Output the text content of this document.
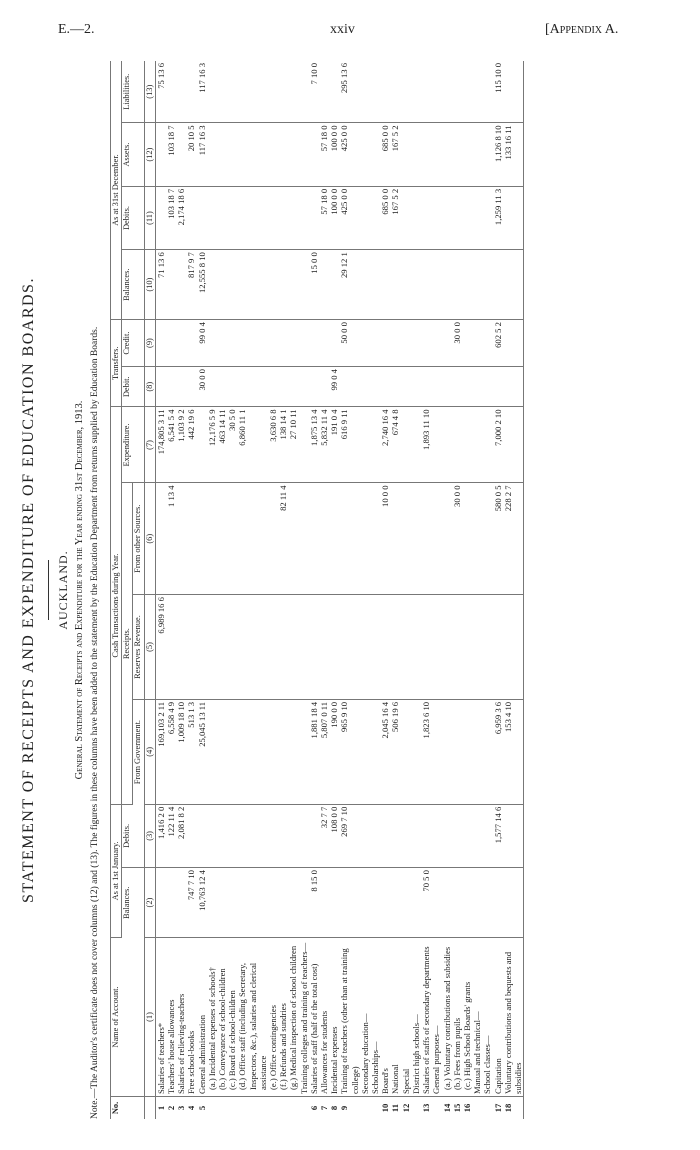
E.—2.	xxiv	[Appendix A.
STATEMENT OF RECEIPTS AND EXPENDITURE OF EDUCATION BOARDS. AUCKLAND. General Statement of Receipts and Expenditure for the Year ending 31st December, 1913. Note.—The Auditor's certificate does not cover columns (12) and (13). The figures in these columns have been added to the statement by the Education Department from returns supplied by Education Boards. No.	Name of Account.	As at 1st January.		Cash Transactions during Year.				Transfers.		As at 31st December.			
		Balances.	Debits.	Receipts.			Expenditure.	Debit.	Credit.	Balances.	Debits.	Assets.	Liabilities.
				From Government.	Reserves Revenue.	From other Sources.							
	(1)	(2)	(3)	(4)	(5)	(6)	(7)	(8)	(9)	(10)	(11)	(12)	(13)
1	Salaries of teachers*		1,416 2 0	169,103 2 11	6,989 16 6		174,805 3 11			71 13 6			75 13 6
2	Teachers' house allowances		122 11 4	6,558 4 9		1 13 4	6,541 5 4				103 18 7	103 18 7	
3	Salaries of relieving-teachers		2,081 8 2	1,009 18 10			1,103 9 2				2,174 18 6		
4	Free school-books	747 7 10		513 1 3			442 19 6			817 9 7		20 10 5	
5	General administration	10,763 12 4		25,045 13 11				30 0 0	99 0 4	12,555 8 10		117 16 3	117 16 3
	(a.) Incidental expenses of schools†						12,176 5 9						
	(b.) Conveyance of school-children						463 14 11						
	(c.) Board of school-children						30 5 0						
	(d.) Office staff (including Secretary, Inspectors, &c.), salaries and clerical assistance						6,860 11 1						
	(e.) Office contingencies						3,630 6 8						
	(f.) Refunds and sundries					82 11 4	138 14 1						
	(g.) Medical inspection of school children						27 10 11						
	Training colleges and training of teachers—												
6	Salaries of staff (half of the total cost)	8 15 0		1,881 18 4			1,875 13 4			15 0 0			7 10 0
7	Allowances for students		32 7 7	5,807 0 11			5,832 11 4				57 18 0	57 18 0	
8	Incidental expenses		108 0 0	190 0 0			191 0 4	99 0 4			100 0 0	100 0 0	
9	Training of teachers (other than at training college)		269 7 10	965 9 10			616 9 11		50 0 0	29 12 1	425 0 0	425 0 0	295 13 6
	Secondary education—												
	Scholarships—												
10	Board's			2,045 16 4		10 0 0	2,740 16 4				685 0 0	685 0 0	
11	National			506 19 6			674 4 8				167 5 2	167 5 2	
12	Special												
	District high schools—												
13	Salaries of staffs of secondary departments	70 5 0		1,823 6 10			1,893 11 10						
	General purposes—												
14	(a.) Voluntary contributions and subsidies												
15	(b.) Fees from pupils					30 0 0			30 0 0				
16	(c.) High School Boards' grants												
	Manual and technical—												
	School classes—												
17	Capitation		1,577 14 6	6,959 3 6		580 0 5	7,000 2 10		602 5 2		1,259 11 3	1,126 8 10	115 10 0
18	Voluntary contributions and bequests and subsidies			153 4 10		228 2 7						133 16 11	
